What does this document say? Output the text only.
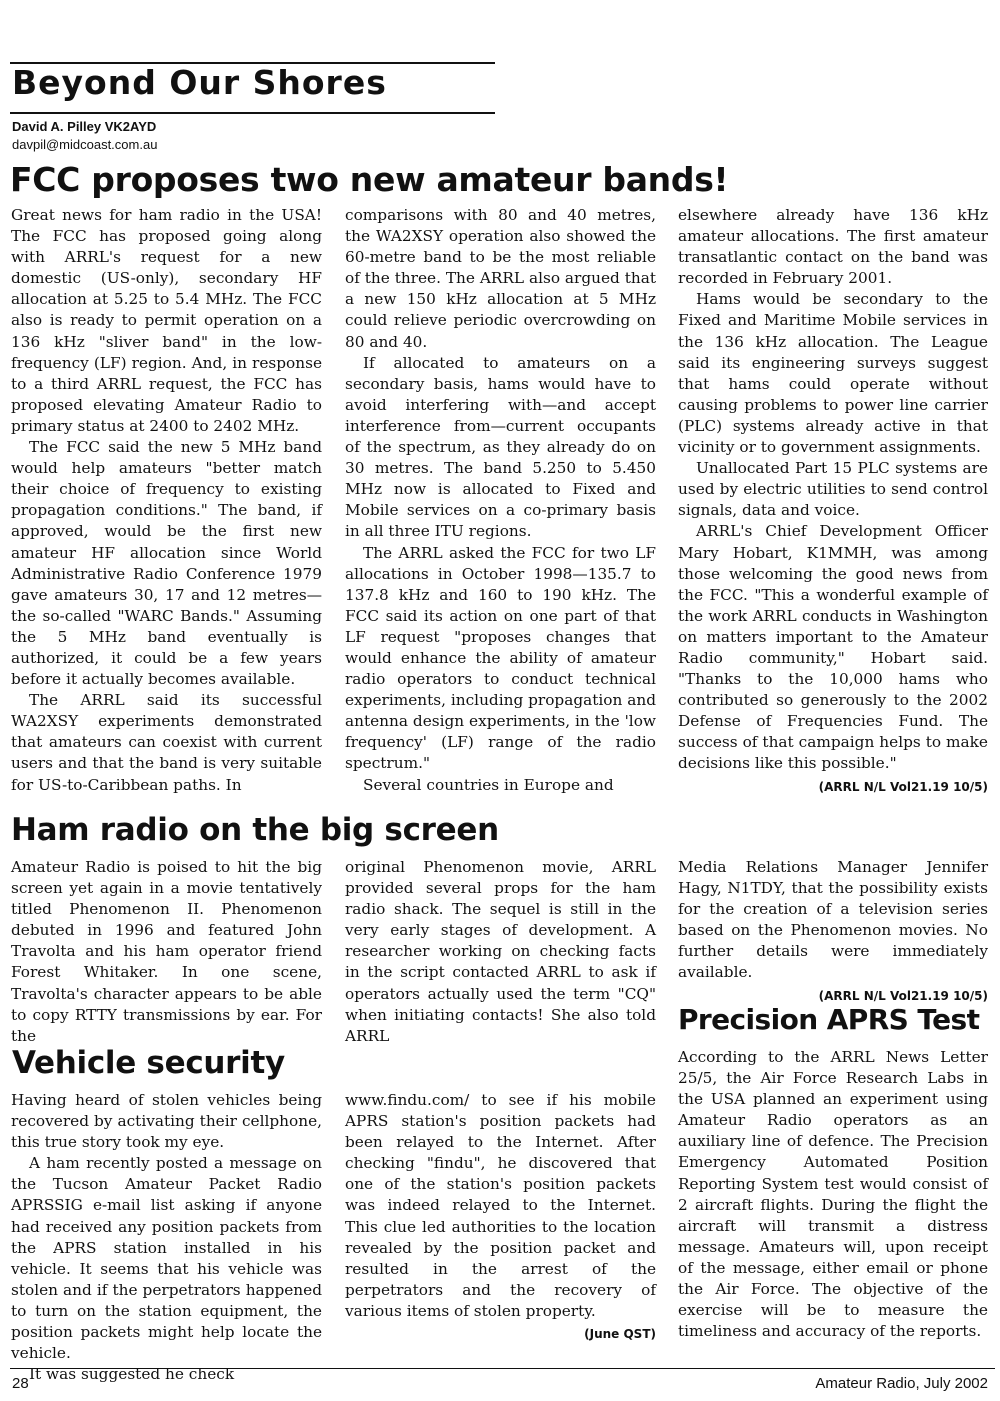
Beyond Our Shores
David A. Pilley VK2AYD
davpil@midcoast.com.au
FCC proposes two new amateur bands!

Great news for ham radio in the USA! The FCC has proposed going along with ARRL's request for a new domestic (US-only), secondary HF allocation at 5.25 to 5.4 MHz. The FCC also is ready to permit operation on a 136 kHz "sliver band" in the low-frequency (LF) region. And, in response to a third ARRL request, the FCC has proposed elevating Amateur Radio to primary status at 2400 to 2402 MHz.

The FCC said the new 5 MHz band would help amateurs "better match their choice of frequency to existing propagation conditions." The band, if approved, would be the first new amateur HF allocation since World Administrative Radio Conference 1979 gave amateurs 30, 17 and 12 metres—the so-called "WARC Bands." Assuming the 5 MHz band eventually is authorized, it could be a few years before it actually becomes available.

The ARRL said its successful WA2XSY experiments demonstrated that amateurs can coexist with current users and that the band is very suitable for US-to-Caribbean paths. In

comparisons with 80 and 40 metres, the WA2XSY operation also showed the 60-metre band to be the most reliable of the three. The ARRL also argued that a new 150 kHz allocation at 5 MHz could relieve periodic overcrowding on 80 and 40.

If allocated to amateurs on a secondary basis, hams would have to avoid interfering with—and accept interference from—current occupants of the spectrum, as they already do on 30 metres. The band 5.250 to 5.450 MHz now is allocated to Fixed and Mobile services on a co-primary basis in all three ITU regions.

The ARRL asked the FCC for two LF allocations in October 1998—135.7 to 137.8 kHz and 160 to 190 kHz. The FCC said its action on one part of that LF request "proposes changes that would enhance the ability of amateur radio operators to conduct technical experiments, including propagation and antenna design experiments, in the 'low frequency' (LF) range of the radio spectrum."

Several countries in Europe and

elsewhere already have 136 kHz amateur allocations. The first amateur transatlantic contact on the band was recorded in February 2001.

Hams would be secondary to the Fixed and Maritime Mobile services in the 136 kHz allocation. The League said its engineering surveys suggest that hams could operate without causing problems to power line carrier (PLC) systems already active in that vicinity or to government assignments.

Unallocated Part 15 PLC systems are used by electric utilities to send control signals, data and voice.

ARRL's Chief Development Officer Mary Hobart, K1MMH, was among those welcoming the good news from the FCC. "This a wonderful example of the work ARRL conducts in Washington on matters important to the Amateur Radio community," Hobart said. "Thanks to the 10,000 hams who contributed so generously to the 2002 Defense of Frequencies Fund. The success of that campaign helps to make decisions like this possible."

(ARRL N/L Vol21.19 10/5)
Ham radio on the big screen

Amateur Radio is poised to hit the big screen yet again in a movie tentatively titled Phenomenon II. Phenomenon debuted in 1996 and featured John Travolta and his ham operator friend Forest Whitaker. In one scene, Travolta's character appears to be able to copy RTTY transmissions by ear. For the

original Phenomenon movie, ARRL provided several props for the ham radio shack. The sequel is still in the very early stages of development. A researcher working on checking facts in the script contacted ARRL to ask if operators actually used the term "CQ" when initiating contacts! She also told ARRL

Media Relations Manager Jennifer Hagy, N1TDY, that the possibility exists for the creation of a television series based on the Phenomenon movies. No further details were immediately available.

(ARRL N/L Vol21.19 10/5)
Precision APRS Test

According to the ARRL News Letter 25/5, the Air Force Research Labs in the USA planned an experiment using Amateur Radio operators as an auxiliary line of defence. The Precision Emergency Automated Position Reporting System test would consist of 2 aircraft flights. During the flight the aircraft will transmit a distress message. Amateurs will, upon receipt of the message, either email or phone the Air Force. The objective of the exercise will be to measure the timeliness and accuracy of the reports.

Vehicle security

Having heard of stolen vehicles being recovered by activating their cellphone, this true story took my eye.

A ham recently posted a message on the Tucson Amateur Packet Radio APRSSIG e-mail list asking if anyone had received any position packets from the APRS station installed in his vehicle. It seems that his vehicle was stolen and if the perpetrators happened to turn on the station equipment, the position packets might help locate the vehicle.

It was suggested he check

www.findu.com/ to see if his mobile APRS station's position packets had been relayed to the Internet. After checking "findu", he discovered that one of the station's position packets was indeed relayed to the Internet. This clue led authorities to the location revealed by the position packet and resulted in the arrest of the perpetrators and the recovery of various items of stolen property.

(June QST)
28	Amateur Radio, July 2002
